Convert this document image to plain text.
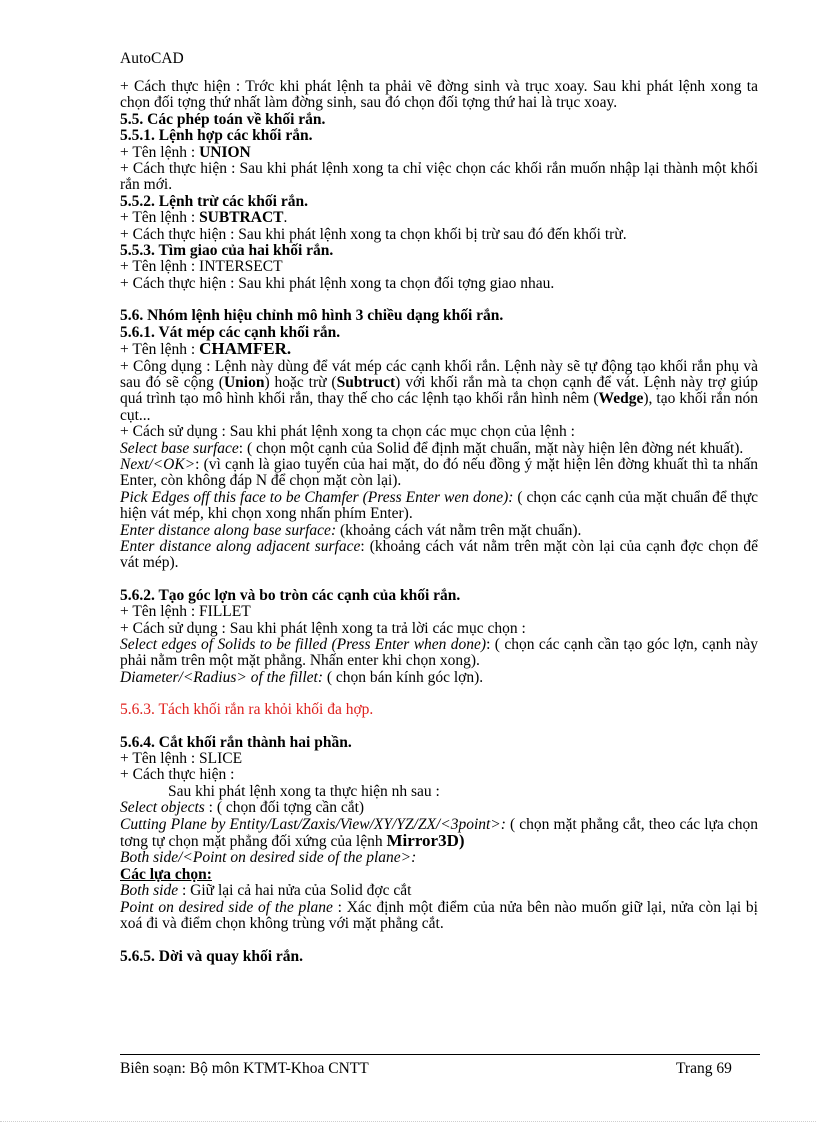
AutoCAD

+ Cách thực hiện : Trớc khi phát lệnh ta phải vẽ đờng sinh và trục xoay. Sau khi phát lệnh xong ta chọn đối tợng thứ nhất làm đờng sinh, sau đó chọn đối tợng thứ hai là trục xoay.

5.5. Các phép toán về khối rắn.

5.5.1. Lệnh hợp các khối rắn.

+ Tên lệnh : UNION

+ Cách thực hiện : Sau khi phát lệnh xong ta chỉ việc chọn các khối rắn muốn nhập lại thành một khối rắn mới.

5.5.2. Lệnh trừ các khối rắn.

+ Tên lệnh : SUBTRACT.

+ Cách thực hiện : Sau khi phát lệnh xong ta chọn khối bị trừ sau đó đến khối trừ.

5.5.3. Tìm giao của hai khối rắn.

+ Tên lệnh : INTERSECT

+ Cách thực hiện : Sau khi phát lệnh xong ta chọn đối tợng giao nhau.

5.6. Nhóm lệnh hiệu chỉnh mô hình 3 chiều dạng khối rắn.

5.6.1. Vát mép các cạnh khối rắn.

+ Tên lệnh : CHAMFER.

+ Công dụng : Lệnh này dùng để vát mép các cạnh khối rắn. Lệnh này sẽ tự động tạo khối rắn phụ và sau đó sẽ cộng (Union) hoặc trừ (Subtruct) với khối rắn mà ta chọn cạnh để vát. Lệnh này trợ giúp quá trình tạo mô hình khối rắn, thay thế cho các lệnh tạo khối rắn hình nêm (Wedge), tạo khối rắn nón cụt...

+ Cách sử dụng : Sau khi phát lệnh xong ta chọn các mục chọn của lệnh :

Select base surface: ( chọn một cạnh của Solid để định mặt chuẩn, mặt này hiện lên đờng nét khuất).

Next/<OK>: (vì cạnh là giao tuyến của hai mặt, do đó nếu đồng ý mặt hiện lên đờng khuất thì ta nhấn Enter, còn không đáp N để chọn mặt còn lại).

Pick Edges off this face to be Chamfer (Press Enter wen done): ( chọn các cạnh của mặt chuẩn để thực hiện vát mép, khi chọn xong nhấn phím Enter).

Enter distance along base surface: (khoảng cách vát nằm trên mặt chuẩn).

Enter distance along adjacent surface: (khoảng cách vát nằm trên mặt còn lại của cạnh đợc chọn để vát mép).

5.6.2. Tạo góc lợn và bo tròn các cạnh của khối rắn.

+ Tên lệnh : FILLET

+ Cách sử dụng : Sau khi phát lệnh xong ta trả lời các mục chọn :

Select edges of Solids to be filled (Press Enter when done): ( chọn các cạnh cần tạo góc lợn, cạnh này phải nằm trên một mặt phẳng. Nhấn enter khi chọn xong).

Diameter/<Radius> of the fillet: ( chọn bán kính góc lợn).

5.6.3. Tách khối rắn ra khỏi khối đa hợp.

5.6.4. Cắt khối rắn thành hai phần.

+ Tên lệnh : SLICE

+ Cách thực hiện :

Sau khi phát lệnh xong ta thực hiện nh sau :

Select objects : ( chọn đối tợng cần cắt)

Cutting Plane by Entity/Last/Zaxis/View/XY/YZ/ZX/<3point>: ( chọn mặt phẳng cắt, theo các lựa chọn tơng tự chọn mặt phẳng đối xứng của lệnh Mirror3D)

Both side/<Point on desired side of the plane>:

Các lựa chọn:

Both side : Giữ lại cả hai nửa của Solid đợc cắt

Point on desired side of the plane : Xác định một điểm của nửa bên nào muốn giữ lại, nửa còn lại bị xoá đi và điểm chọn không trùng với mặt phẳng cắt.

5.6.5. Dời và quay khối rắn.

Biên soạn: Bộ môn KTMT-Khoa CNTT	Trang 69
